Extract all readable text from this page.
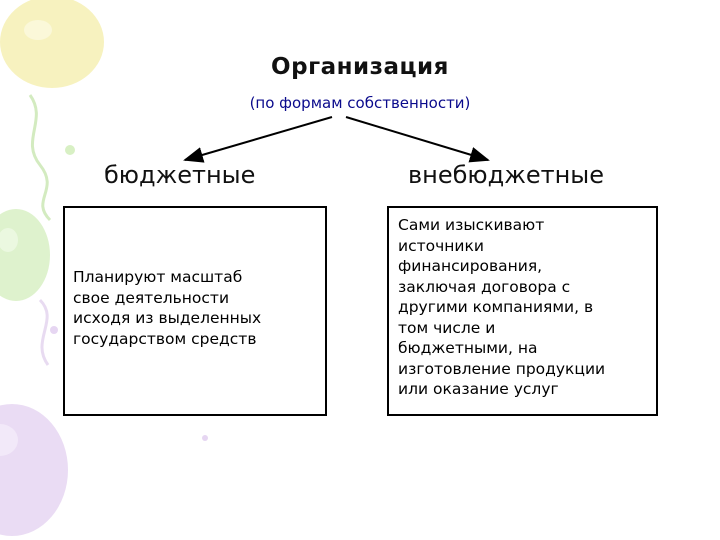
Организация
(по формам собственности)
бюджетные	внебюджетные
Планируют масштаб
свое деятельности
исходя из выделенных
государством средств
Сами изыскивают
источники
финансирования,
заключая договора с
другими компаниями, в
том числе и
бюджетными, на
изготовление продукции
или оказание услуг
